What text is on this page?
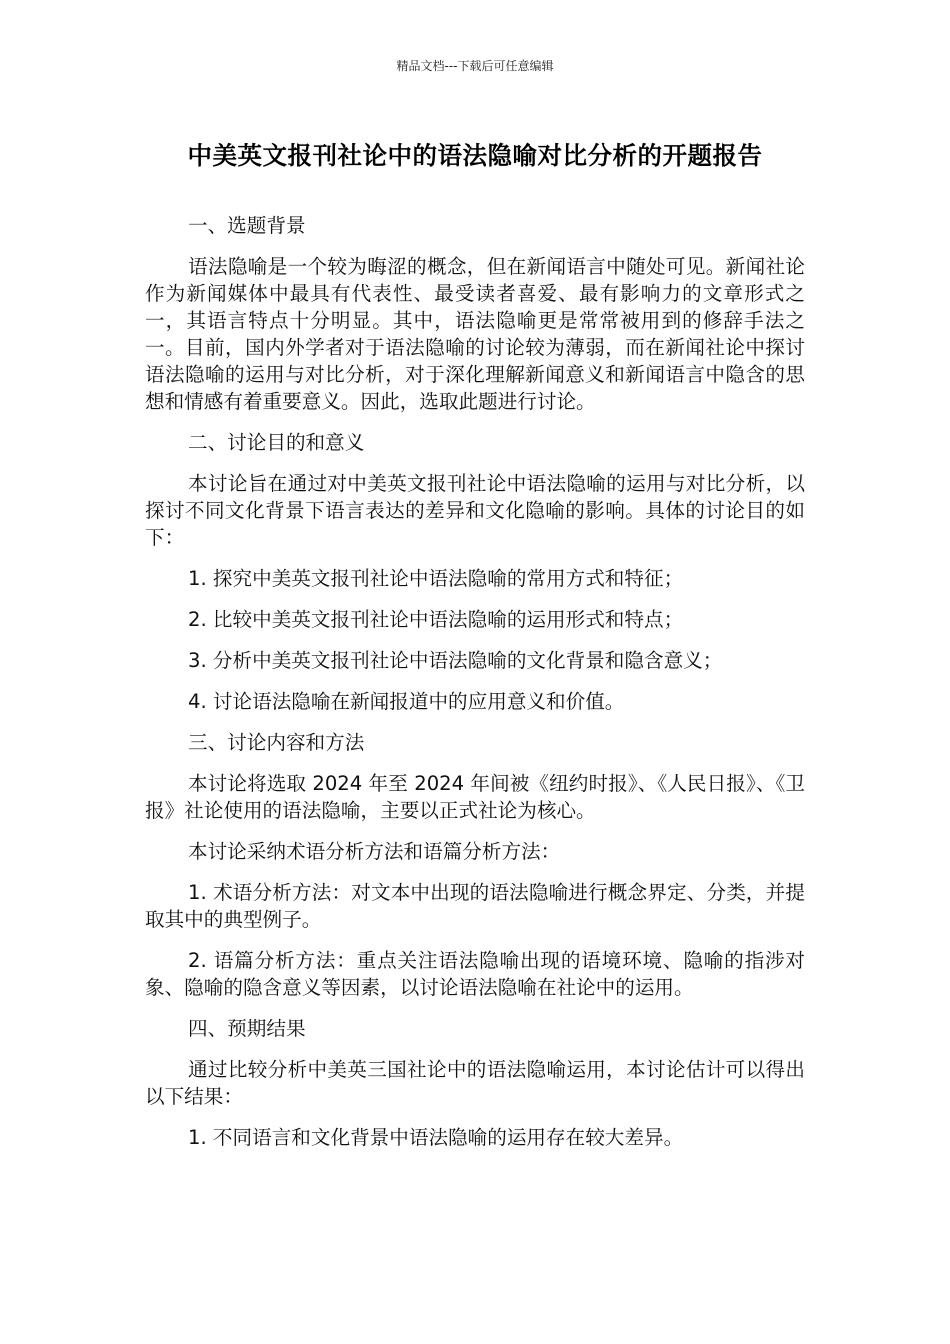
精品文档---下载后可任意编辑
中美英文报刊社论中的语法隐喻对比分析的开题报告

一、选题背景

语法隐喻是一个较为晦涩的概念，但在新闻语言中随处可见。新闻社论作为新闻媒体中最具有代表性、最受读者喜爱、最有影响力的文章形式之一，其语言特点十分明显。其中，语法隐喻更是常常被用到的修辞手法之一。目前，国内外学者对于语法隐喻的讨论较为薄弱，而在新闻社论中探讨语法隐喻的运用与对比分析，对于深化理解新闻意义和新闻语言中隐含的思想和情感有着重要意义。因此，选取此题进行讨论。

二、讨论目的和意义

本讨论旨在通过对中美英文报刊社论中语法隐喻的运用与对比分析，以探讨不同文化背景下语言表达的差异和文化隐喻的影响。具体的讨论目的如下：

1. 探究中美英文报刊社论中语法隐喻的常用方式和特征；

2. 比较中美英文报刊社论中语法隐喻的运用形式和特点；

3. 分析中美英文报刊社论中语法隐喻的文化背景和隐含意义；

4. 讨论语法隐喻在新闻报道中的应用意义和价值。

三、讨论内容和方法

本讨论将选取 2024 年至 2024 年间被《纽约时报》、《人民日报》、《卫报》社论使用的语法隐喻，主要以正式社论为核心。

本讨论采纳术语分析方法和语篇分析方法：

1. 术语分析方法：对文本中出现的语法隐喻进行概念界定、分类，并提取其中的典型例子。

2. 语篇分析方法：重点关注语法隐喻出现的语境环境、隐喻的指涉对象、隐喻的隐含意义等因素，以讨论语法隐喻在社论中的运用。

四、预期结果

通过比较分析中美英三国社论中的语法隐喻运用，本讨论估计可以得出以下结果：

1. 不同语言和文化背景中语法隐喻的运用存在较大差异。
